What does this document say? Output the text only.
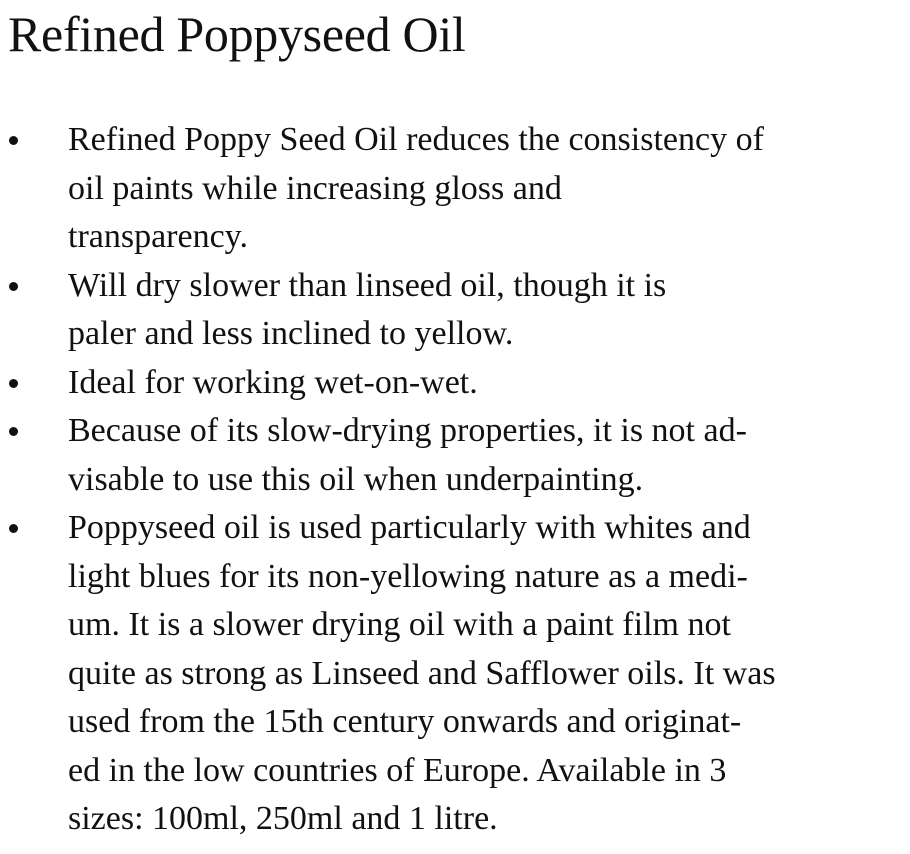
Refined Poppyseed Oil
Refined Poppy Seed Oil reduces the consistency of
oil paints while increasing gloss and
transparency.
Will dry slower than linseed oil, though it is
paler and less inclined to yellow.
Ideal for working wet-on-wet.
Because of its slow-drying properties, it is not ad-
visable to use this oil when underpainting.
Poppyseed oil is used particularly with whites and
light blues for its non-yellowing nature as a medi-
um. It is a slower drying oil with a paint film not
quite as strong as Linseed and Safflower oils. It was
used from the 15th century onwards and originat-
ed in the low countries of Europe. Available in 3
sizes: 100ml, 250ml and 1 litre.
